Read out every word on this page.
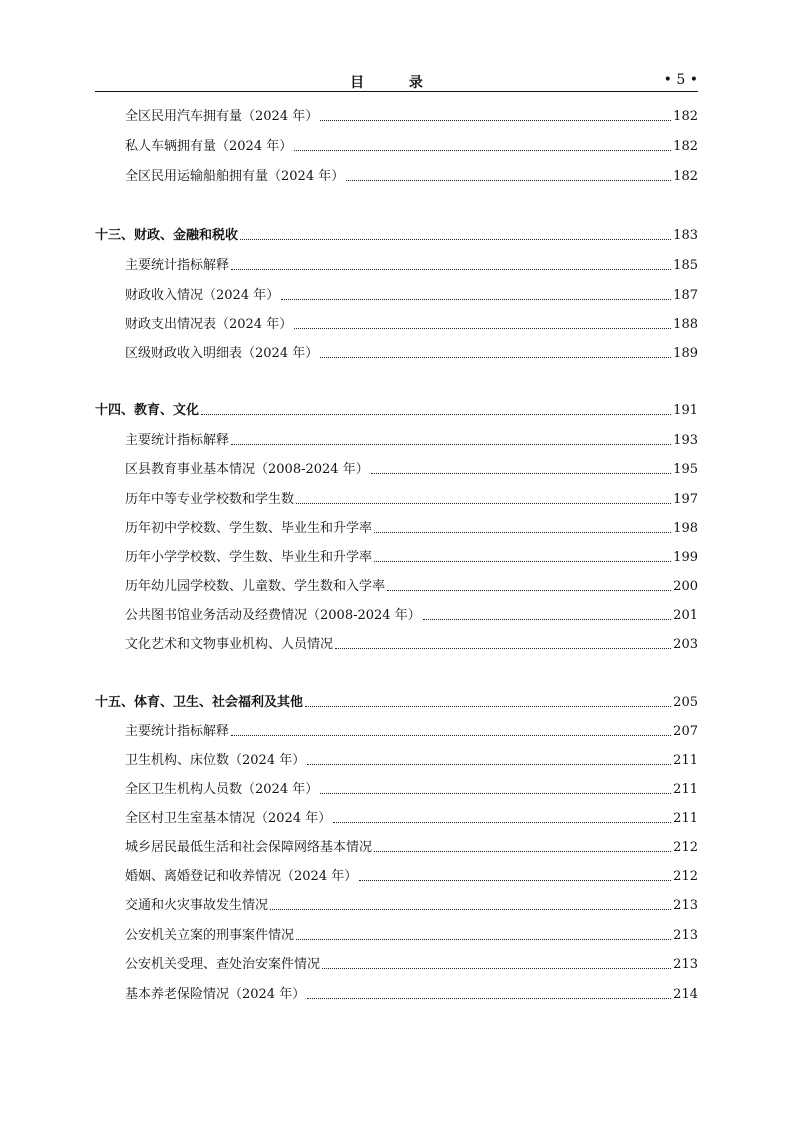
目 录	• 5 •
全区民用汽车拥有量（2024 年）	182
私人车辆拥有量（2024 年）	182
全区民用运输船舶拥有量（2024 年）	182
十三、财政、金融和税收	183
主要统计指标解释	185
财政收入情况（2024 年）	187
财政支出情况表（2024 年）	188
区级财政收入明细表（2024 年）	189
十四、教育、文化	191
主要统计指标解释	193
区县教育事业基本情况（2008-2024 年）	195
历年中等专业学校数和学生数	197
历年初中学校数、学生数、毕业生和升学率	198
历年小学学校数、学生数、毕业生和升学率	199
历年幼儿园学校数、儿童数、学生数和入学率	200
公共图书馆业务活动及经费情况（2008-2024 年）	201
文化艺术和文物事业机构、人员情况	203
十五、体育、卫生、社会福利及其他	205
主要统计指标解释	207
卫生机构、床位数（2024 年）	211
全区卫生机构人员数（2024 年）	211
全区村卫生室基本情况（2024 年）	211
城乡居民最低生活和社会保障网络基本情况	212
婚姻、离婚登记和收养情况（2024 年）	212
交通和火灾事故发生情况	213
公安机关立案的刑事案件情况	213
公安机关受理、查处治安案件情况	213
基本养老保险情况（2024 年）	214
